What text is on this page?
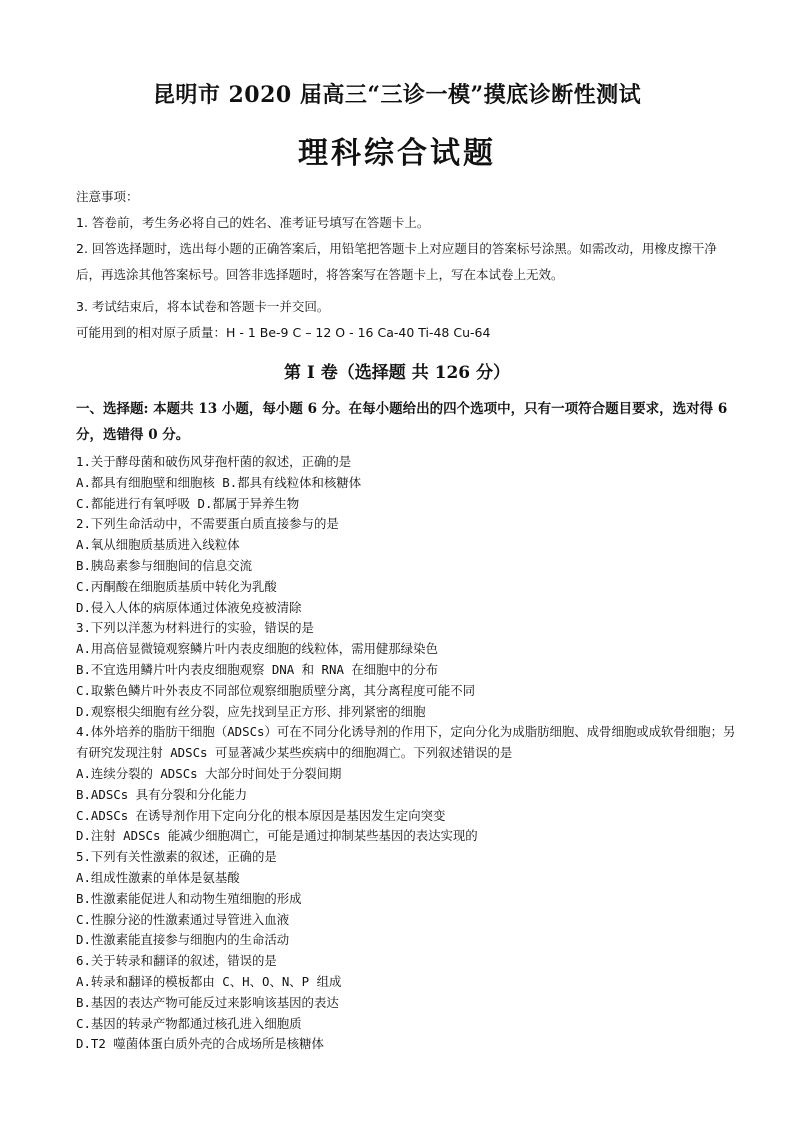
昆明市 2020 届高三“三诊一模”摸底诊断性测试
理科综合试题
注意事项：
1. 答卷前，考生务必将自己的姓名、准考证号填写在答题卡上。
2. 回答选择题时，选出每小题的正确答案后，用铅笔把答题卡上对应题目的答案标号涂黑。如需改动，用橡皮擦干净后，再选涂其他答案标号。回答非选择题时，将答案写在答题卡上，写在本试卷上无效。
3. 考试结束后，将本试卷和答题卡一并交回。
可能用到的相对原子质量：H - 1 Be-9 C – 12 O - 16 Ca-40 Ti-48 Cu-64
第 I 卷（选择题 共 126 分）
一、选择题: 本题共 13 小题，每小题 6 分。在每小题给出的四个选项中，只有一项符合题目要求，选对得 6 分，选错得 0 分。
1.关于酵母菌和破伤风芽孢杆菌的叙述，正确的是
A.都具有细胞壁和细胞核 B.都具有线粒体和核糖体
C.都能进行有氧呼吸 D.都属于异养生物
2.下列生命活动中，不需要蛋白质直接参与的是
A.氧从细胞质基质进入线粒体
B.胰岛素参与细胞间的信息交流
C.丙酮酸在细胞质基质中转化为乳酸
D.侵入人体的病原体通过体液免疫被清除
3.下列以洋葱为材料进行的实验，错误的是
A.用高倍显微镜观察鳞片叶内表皮细胞的线粒体，需用健那绿染色
B.不宜选用鳞片叶内表皮细胞观察 DNA 和 RNA 在细胞中的分布
C.取紫色鳞片叶外表皮不同部位观察细胞质壁分离，其分离程度可能不同
D.观察根尖细胞有丝分裂，应先找到呈正方形、排列紧密的细胞
4.体外培养的脂肪干细胞（ADSCs）可在不同分化诱导剂的作用下，定向分化为成脂肪细胞、成骨细胞或成软骨细胞；另有研究发现注射 ADSCs 可显著减少某些疾病中的细胞凋亡。下列叙述错误的是
A.连续分裂的 ADSCs 大部分时间处于分裂间期
B.ADSCs 具有分裂和分化能力
C.ADSCs 在诱导剂作用下定向分化的根本原因是基因发生定向突变
D.注射 ADSCs 能减少细胞凋亡，可能是通过抑制某些基因的表达实现的
5.下列有关性激素的叙述，正确的是
A.组成性激素的单体是氨基酸
B.性激素能促进人和动物生殖细胞的形成
C.性腺分泌的性激素通过导管进入血液
D.性激素能直接参与细胞内的生命活动
6.关于转录和翻译的叙述，错误的是
A.转录和翻译的模板都由 C、H、O、N、P 组成
B.基因的表达产物可能反过来影响该基因的表达
C.基因的转录产物都通过核孔进入细胞质
D.T2 噬菌体蛋白质外壳的合成场所是核糖体
